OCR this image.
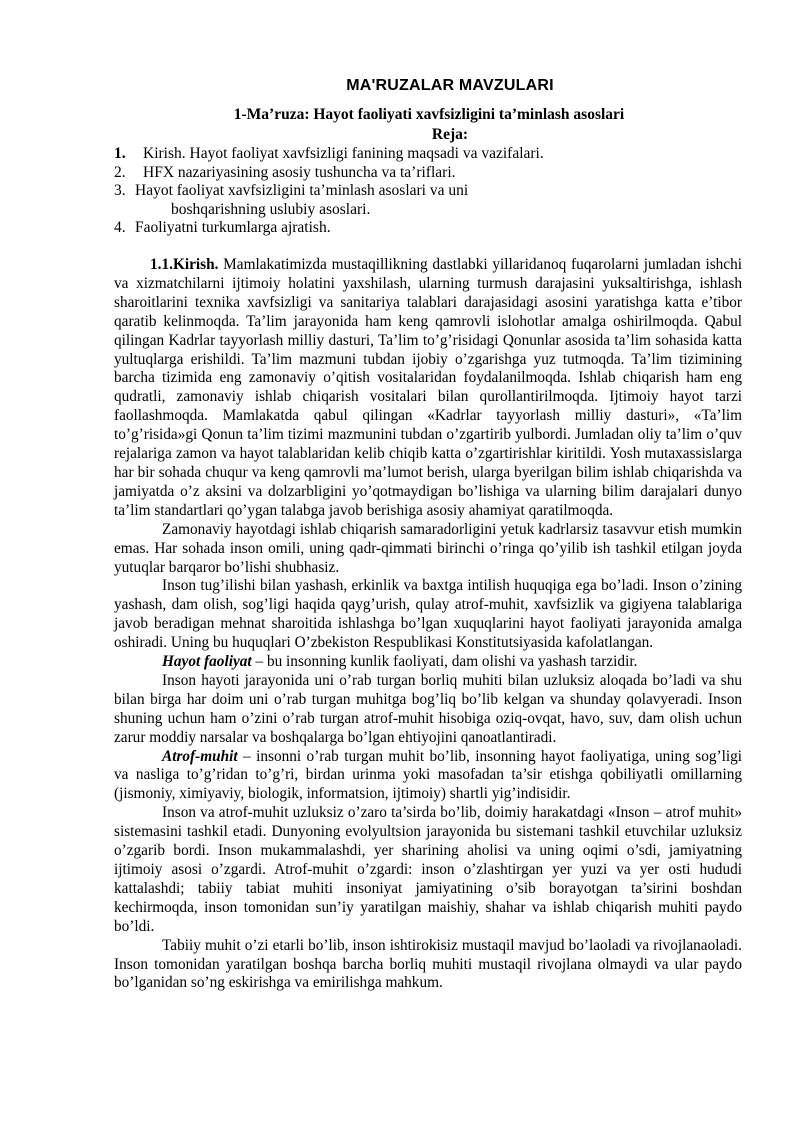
MA'RUZALAR MAVZULARI
1-Ma’ruza: Hayot faoliyati xavfsizligini ta’minlash asoslari
Reja:
1. Kirish. Hayot faoliyat xavfsizligi fanining maqsadi va vazifalari.
2. HFX nazariyasining asosiy tushuncha va ta’riflari.
3. Hayot faoliyat xavfsizligini ta’minlash asoslari va uni
boshqarishning uslubiy asoslari.
4. Faoliyatni turkumlarga ajratish.

1.1.Kirish. Mamlakatimizda mustaqillikning dastlabki yillaridanoq fuqarolarni jumladan ishchi va xizmatchilarni ijtimoiy holatini yaxshilash, ularning turmush darajasini yuksaltirishga, ishlash sharoitlarini texnika xavfsizligi va sanitariya talablari darajasidagi asosini yaratishga katta e’tibor qaratib kelinmoqda. Ta’lim jarayonida ham keng qamrovli islohotlar amalga oshirilmoqda. Qabul qilingan Kadrlar tayyorlash milliy dasturi, Ta’lim to’g’risidagi Qonunlar asosida ta’lim sohasida katta yultuqlarga erishildi. Ta’lim mazmuni tubdan ijobiy o’zgarishga yuz tutmoqda. Ta’lim tizimining barcha tizimida eng zamonaviy o’qitish vositalaridan foydalanilmoqda. Ishlab chiqarish ham eng qudratli, zamonaviy ishlab chiqarish vositalari bilan qurollantirilmoqda. Ijtimoiy hayot tarzi faollashmoqda. Mamlakatda qabul qilingan «Kadrlar tayyorlash milliy dasturi», «Ta’lim to’g’risida»gi Qonun ta’lim tizimi mazmunini tubdan o’zgartirib yulbordi. Jumladan oliy ta’lim o’quv rejalariga zamon va hayot talablaridan kelib chiqib katta o’zgartirishlar kiritildi. Yosh mutaxassislarga har bir sohada chuqur va keng qamrovli ma’lumot berish, ularga byerilgan bilim ishlab chiqarishda va jamiyatda o’z aksini va dolzarbligini yo’qotmaydigan bo’lishiga va ularning bilim darajalari dunyo ta’lim standartlari qo’ygan talabga javob berishiga asosiy ahamiyat qaratilmoqda.

Zamonaviy hayotdagi ishlab chiqarish samaradorligini yetuk kadrlarsiz tasavvur etish mumkin emas. Har sohada inson omili, uning qadr-qimmati birinchi o’ringa qo’yilib ish tashkil etilgan joyda yutuqlar barqaror bo’lishi shubhasiz.

Inson tug’ilishi bilan yashash, erkinlik va baxtga intilish huquqiga ega bo’ladi. Inson o’zining yashash, dam olish, sog’ligi haqida qayg’urish, qulay atrof-muhit, xavfsizlik va gigiyena talablariga javob beradigan mehnat sharoitida ishlashga bo’lgan xuquqlarini hayot faoliyati jarayonida amalga oshiradi. Uning bu huquqlari O’zbekiston Respublikasi Konstitutsiyasida kafolatlangan.

Hayot faoliyat – bu insonning kunlik faoliyati, dam olishi va yashash tarzidir.

Inson hayoti jarayonida uni o’rab turgan borliq muhiti bilan uzluksiz aloqada bo’ladi va shu bilan birga har doim uni o’rab turgan muhitga bog’liq bo’lib kelgan va shunday qolavyeradi. Inson shuning uchun ham o’zini o’rab turgan atrof-muhit hisobiga oziq-ovqat, havo, suv, dam olish uchun zarur moddiy narsalar va boshqalarga bo’lgan ehtiyojini qanoatlantiradi.

Atrof-muhit – insonni o’rab turgan muhit bo’lib, insonning hayot faoliyatiga, uning sog’ligi va nasliga to’g’ridan to’g’ri, birdan urinma yoki masofadan ta’sir etishga qobiliyatli omillarning (jismoniy, ximiyaviy, biologik, informatsion, ijtimoiy) shartli yig’indisidir.

Inson va atrof-muhit uzluksiz o’zaro ta’sirda bo’lib, doimiy harakatdagi «Inson – atrof muhit» sistemasini tashkil etadi. Dunyoning evolyultsion jarayonida bu sistemani tashkil etuvchilar uzluksiz o’zgarib bordi. Inson mukammalashdi, yer sharining aholisi va uning oqimi o’sdi, jamiyatning ijtimoiy asosi o’zgardi. Atrof-muhit o’zgardi: inson o’zlashtirgan yer yuzi va yer osti hududi kattalashdi; tabiiy tabiat muhiti insoniyat jamiyatining o’sib borayotgan ta’sirini boshdan kechirmoqda, inson tomonidan sun’iy yaratilgan maishiy, shahar va ishlab chiqarish muhiti paydo bo’ldi.

Tabiiy muhit o’zi etarli bo’lib, inson ishtirokisiz mustaqil mavjud bo’laoladi va rivojlanaoladi. Inson tomonidan yaratilgan boshqa barcha borliq muhiti mustaqil rivojlana olmaydi va ular paydo bo’lganidan so’ng eskirishga va emirilishga mahkum.
